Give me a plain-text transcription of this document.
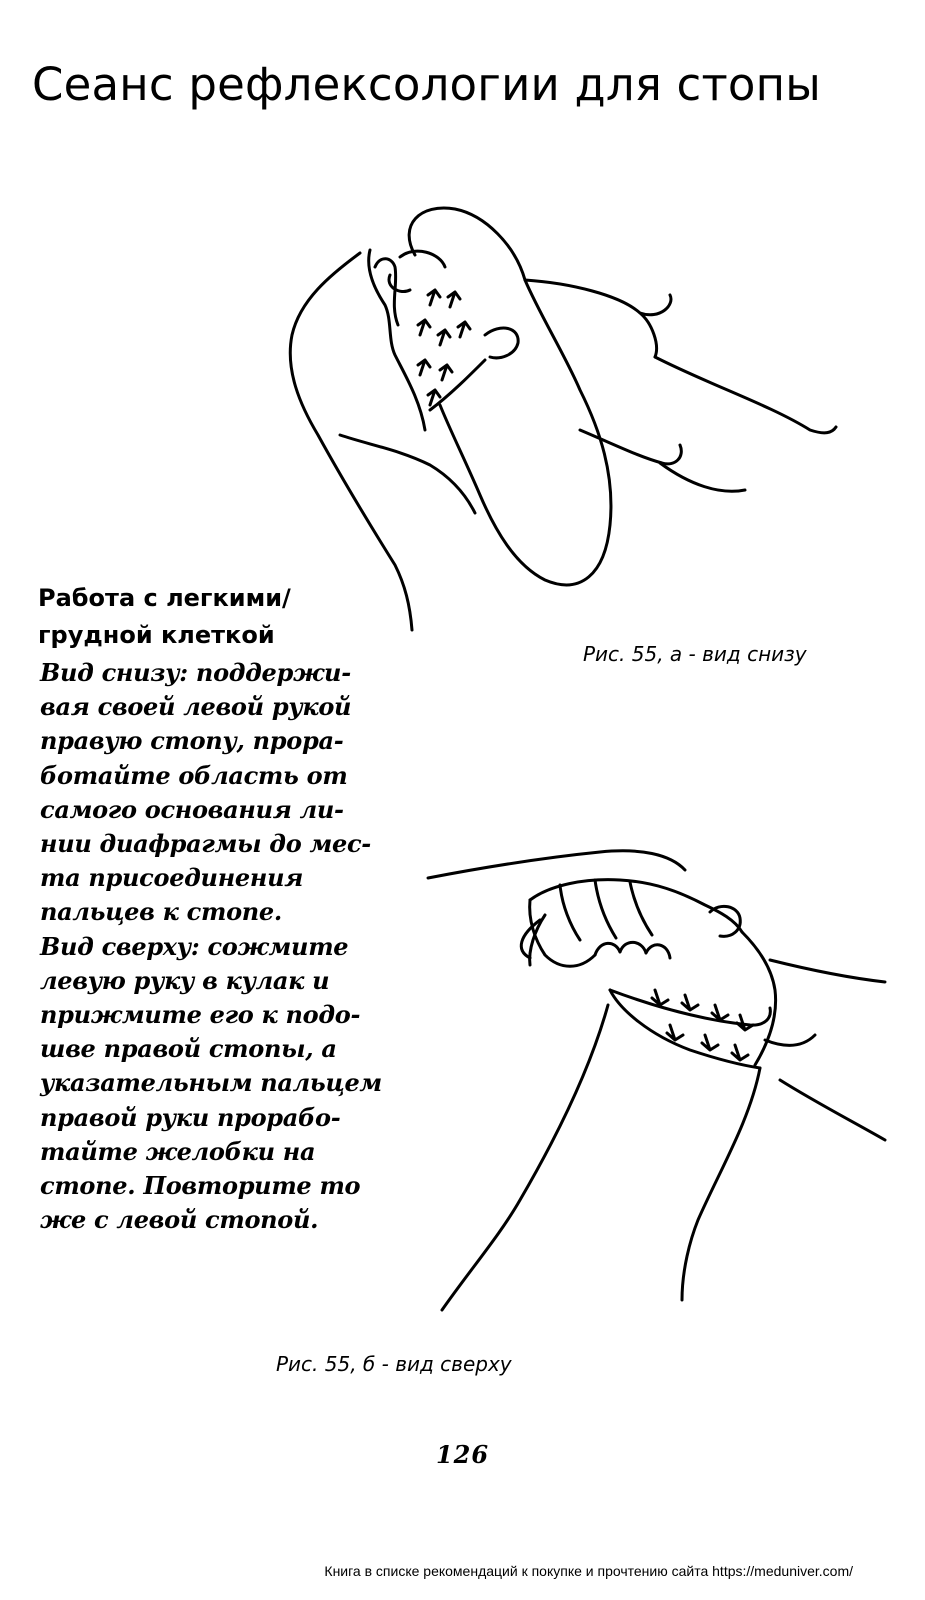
Сеанс рефлексологии для стопы
Работа с легкими/
грудной клеткой
Рис. 55, а - вид снизу
Вид снизу: поддержи-
вая своей левой рукой
правую стопу, прора-
ботайте область от
самого основания ли-
нии диафрагмы до мес-
та присоединения
пальцев к стопе.
Вид сверху: сожмите
левую руку в кулак и
прижмите его к подо-
шве правой стопы, а
указательным пальцем
правой руки прорабо-
тайте желобки на
стопе. Повторите то
же с левой стопой.
Рис. 55, б - вид сверху
126
Книга в списке рекомендаций к покупке и прочтению сайта https://meduniver.com/
